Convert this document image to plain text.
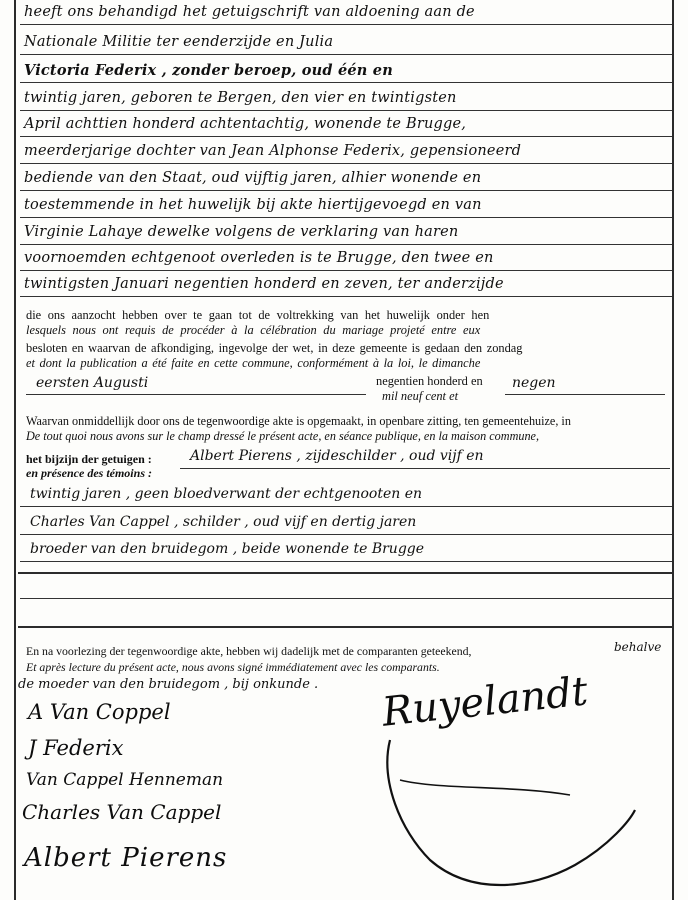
heeft ons behandigd het getuigschrift van aldoening aan de
Nationale Militie ter eenderzijde en Julia
Victoria Federix , zonder beroep, oud één en
twintig jaren, geboren te Bergen, den vier en twintigsten
April achttien honderd achtentachtig, wonende te Brugge,
meerderjarige dochter van Jean Alphonse Federix, gepensioneerd
bediende van den Staat, oud vijftig jaren, alhier wonende en
toestemmende in het huwelijk bij akte hiertijgevoegd en van
Virginie Lahaye dewelke volgens de verklaring van haren
voornoemden echtgenoot overleden is te Brugge, den twee en
twintigsten Januari negentien honderd en zeven, ter anderzijde
die ons aanzocht hebben over te gaan tot de voltrekking van het huwelijk onder hen
lesquels nous ont requis de procéder à la célébration du mariage projeté entre eux
besloten en waarvan de afkondiging, ingevolge der wet, in deze gemeente is gedaan den zondag
et dont la publication a été faite en cette commune, conformément à la loi, le dimanche
eersten Augusti	negentien honderd en
mil neuf cent et
negen
Waarvan onmiddellijk door ons de tegenwoordige akte is opgemaakt, in openbare zitting, ten gemeentehuize, in
De tout quoi nous avons sur le champ dressé le présent acte, en séance publique, en la maison commune,
het bijzijn der getuigen :
en présence des témoins :
Albert Pierens , zijdeschilder , oud vijf en
twintig jaren , geen bloedverwant der echtgenooten en
Charles Van Cappel , schilder , oud vijf en dertig jaren
broeder van den bruidegom , beide wonende te Brugge
En na voorlezing der tegenwoordige akte, hebben wij dadelijk met de comparanten geteekend,	behalve
Et après lecture du présent acte, nous avons signé immédiatement avec les comparants.
de moeder van den bruidegom , bij onkunde .
A Van Coppel
J Federix
Van Cappel Henneman
Charles Van Cappel
Albert Pierens
Ruyelandt
